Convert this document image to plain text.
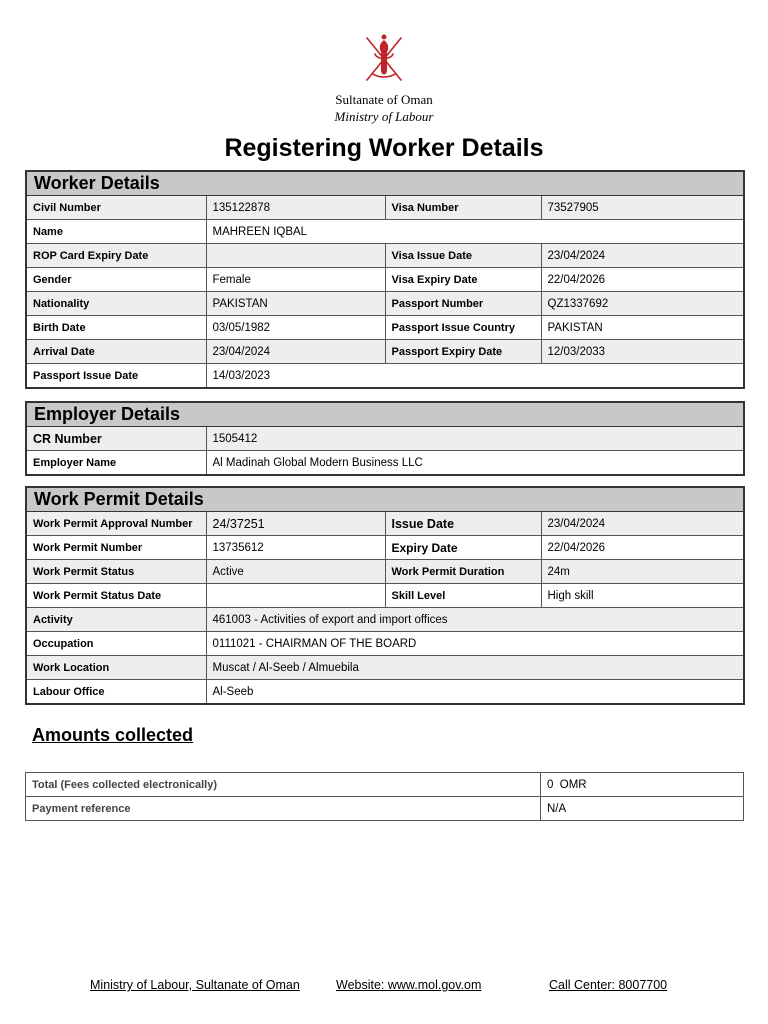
Sultanate of Oman
Ministry of Labour
Registering Worker Details
Worker Details			
Civil Number	135122878	Visa Number	73527905
Name	MAHREEN IQBAL		
ROP Card Expiry Date		Visa Issue Date	23/04/2024
Gender	Female	Visa Expiry Date	22/04/2026
Nationality	PAKISTAN	Passport Number	QZ1337692
Birth Date	03/05/1982	Passport Issue Country	PAKISTAN
Arrival Date	23/04/2024	Passport Expiry Date	12/03/2033
Passport Issue Date	14/03/2023		
Employer Details	
CR Number	1505412
Employer Name	Al Madinah Global Modern Business LLC
Work Permit Details			
Work Permit Approval Number	24/37251	Issue Date	23/04/2024
Work Permit Number	13735612	Expiry Date	22/04/2026
Work Permit Status	Active	Work Permit Duration	24m
Work Permit Status Date		Skill Level	High skill
Activity	461003 - Activities of export and import offices		
Occupation	0111021 - CHAIRMAN OF THE BOARD		
Work Location	Muscat / Al-Seeb / Almuebila		
Labour Office	Al-Seeb		
Amounts collected
Total (Fees collected electronically)	0  OMR
Payment reference	N/A
Ministry of Labour, Sultanate of Oman	Website: www.mol.gov.om	Call Center: 8007700
